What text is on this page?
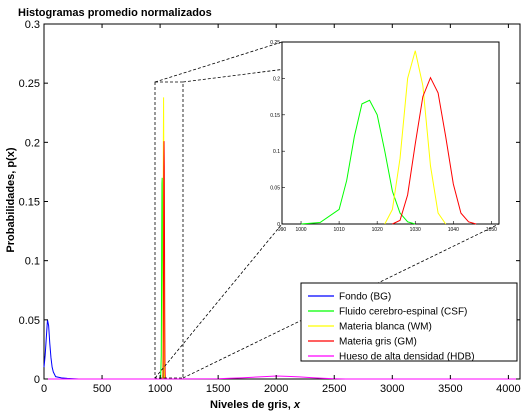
Histogramas promedio normalizados
0	500	1000	1500	2000	2500	3000	3500	4000
0
0.05
0.1
0.15
0.2
0.25
0.3
Niveles de gris, x
Probabilidades, p(x)	990 1000	1010	1020	1030	1040	1050
0
0.05
0.1
0.15
0.2
0.25
Fondo (BG)
Fluido cerebro-espinal (CSF)
Materia blanca (WM)
Materia gris (GM)
Hueso de alta densidad (HDB)
